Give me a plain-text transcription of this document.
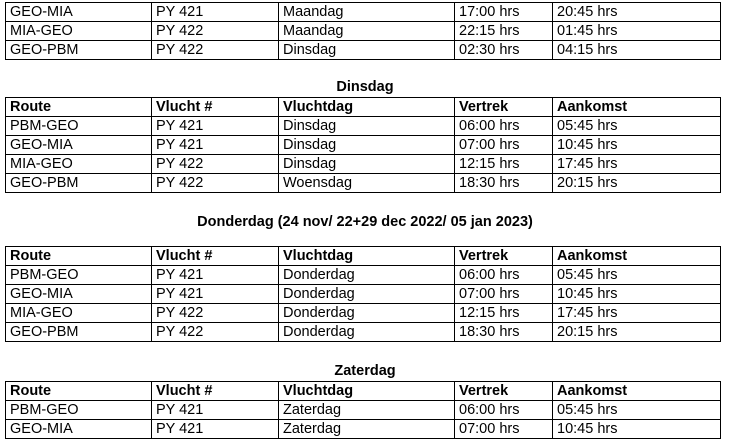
GEO-MIA	PY 421	Maandag	17:00 hrs	20:45 hrs
MIA-GEO	PY 422	Maandag	22:15 hrs	01:45 hrs
GEO-PBM	PY 422	Dinsdag	02:30 hrs	04:15 hrs
Dinsdag
Route	Vlucht #	Vluchtdag	Vertrek	Aankomst
PBM-GEO	PY 421	Dinsdag	06:00 hrs	05:45 hrs
GEO-MIA	PY 421	Dinsdag	07:00 hrs	10:45 hrs
MIA-GEO	PY 422	Dinsdag	12:15 hrs	17:45 hrs
GEO-PBM	PY 422	Woensdag	18:30 hrs	20:15 hrs
Donderdag (24 nov/ 22+29 dec 2022/ 05 jan 2023)
Route	Vlucht #	Vluchtdag	Vertrek	Aankomst
PBM-GEO	PY 421	Donderdag	06:00 hrs	05:45 hrs
GEO-MIA	PY 421	Donderdag	07:00 hrs	10:45 hrs
MIA-GEO	PY 422	Donderdag	12:15 hrs	17:45 hrs
GEO-PBM	PY 422	Donderdag	18:30 hrs	20:15 hrs
Zaterdag
Route	Vlucht #	Vluchtdag	Vertrek	Aankomst
PBM-GEO	PY 421	Zaterdag	06:00 hrs	05:45 hrs
GEO-MIA	PY 421	Zaterdag	07:00 hrs	10:45 hrs
